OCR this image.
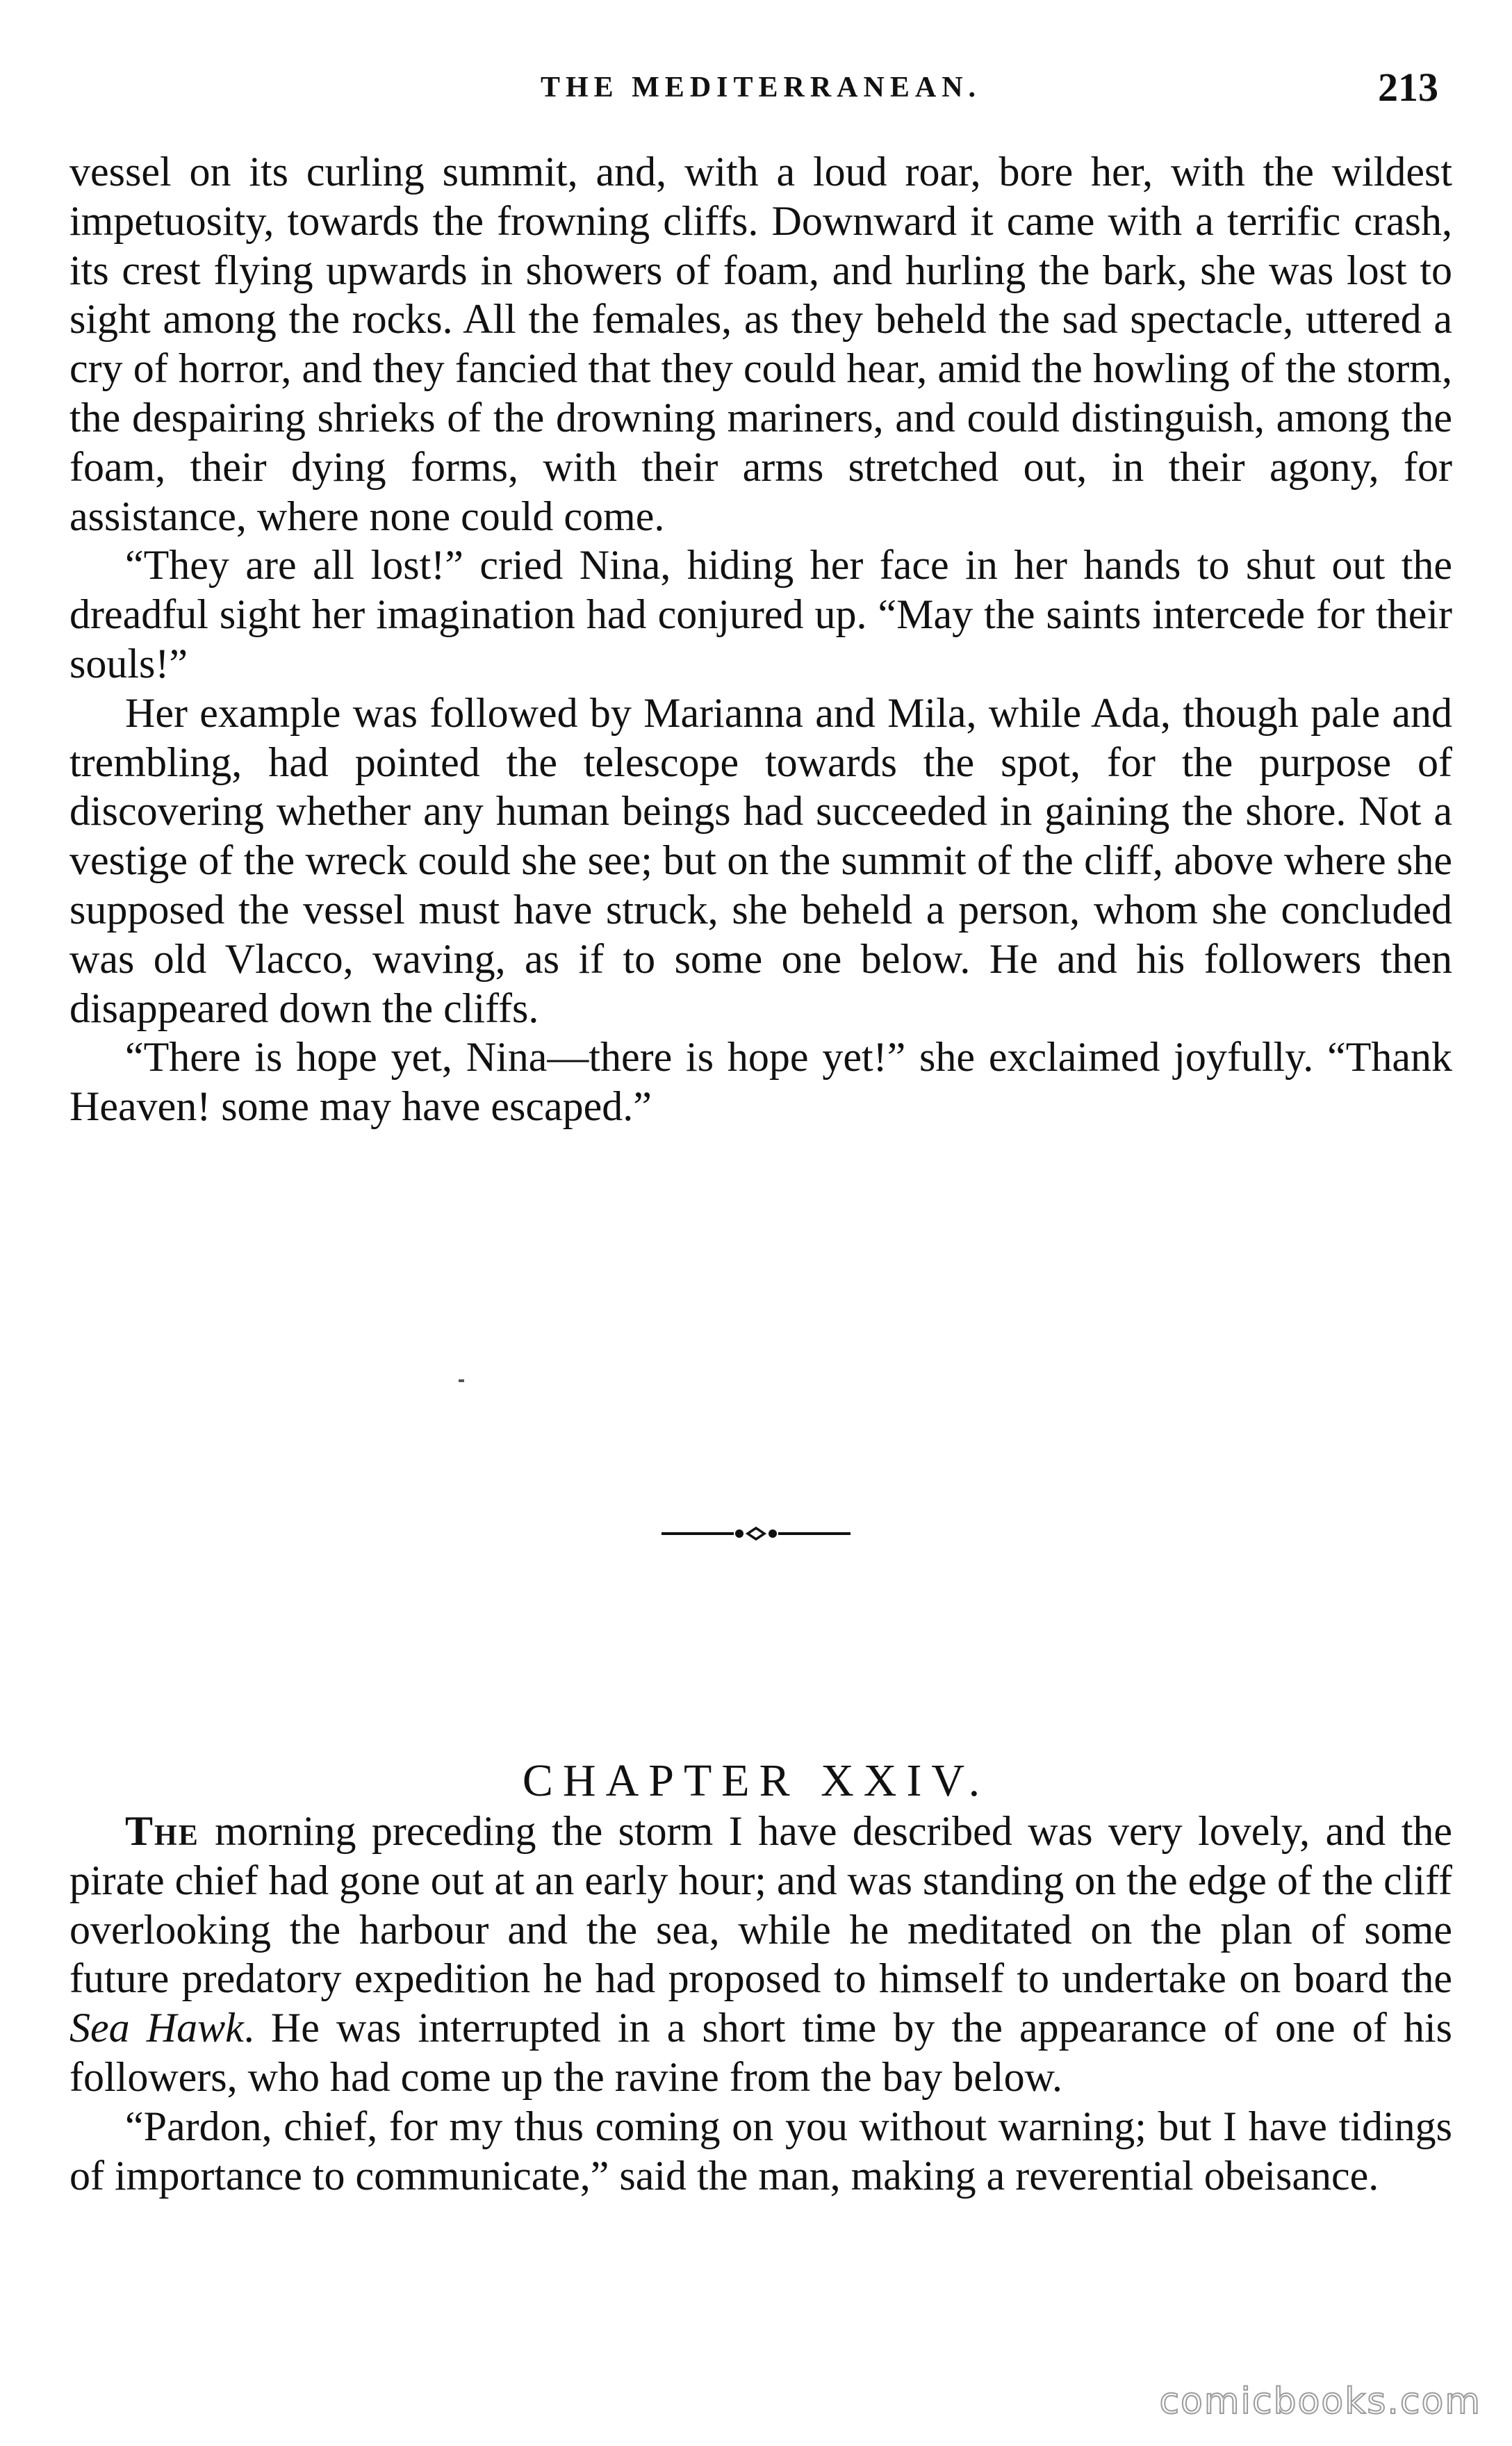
THE MEDITERRANEAN.	213

vessel on its curling summit, and, with a loud roar, bore her, with the wildest impetuosity, towards the frowning cliffs. Downward it came with a terrific crash, its crest flying upwards in showers of foam, and hurling the bark, she was lost to sight among the rocks. All the females, as they beheld the sad spectacle, uttered a cry of horror, and they fancied that they could hear, amid the howling of the storm, the despairing shrieks of the drowning mariners, and could distinguish, among the foam, their dying forms, with their arms stretched out, in their agony, for assistance, where none could come.

“They are all lost!” cried Nina, hiding her face in her hands to shut out the dreadful sight her imagination had conjured up. “May the saints intercede for their souls!”

Her example was followed by Marianna and Mila, while Ada, though pale and trembling, had pointed the telescope towards the spot, for the purpose of discovering whether any human beings had succeeded in gaining the shore. Not a vestige of the wreck could she see; but on the summit of the cliff, above where she supposed the vessel must have struck, she beheld a person, whom she concluded was old Vlacco, waving, as if to some one below. He and his followers then disappeared down the cliffs.

“There is hope yet, Nina—there is hope yet!” she exclaimed joyfully. “Thank Heaven! some may have escaped.”

CHAPTER XXIV.

The morning preceding the storm I have described was very lovely, and the pirate chief had gone out at an early hour; and was standing on the edge of the cliff overlooking the harbour and the sea, while he meditated on the plan of some future predatory expedition he had proposed to himself to undertake on board the Sea Hawk. He was interrupted in a short time by the appearance of one of his followers, who had come up the ravine from the bay below.

“Pardon, chief, for my thus coming on you without warning; but I have tidings of importance to communicate,” said the man, making a reverential obeisance.

comicbooks.com
